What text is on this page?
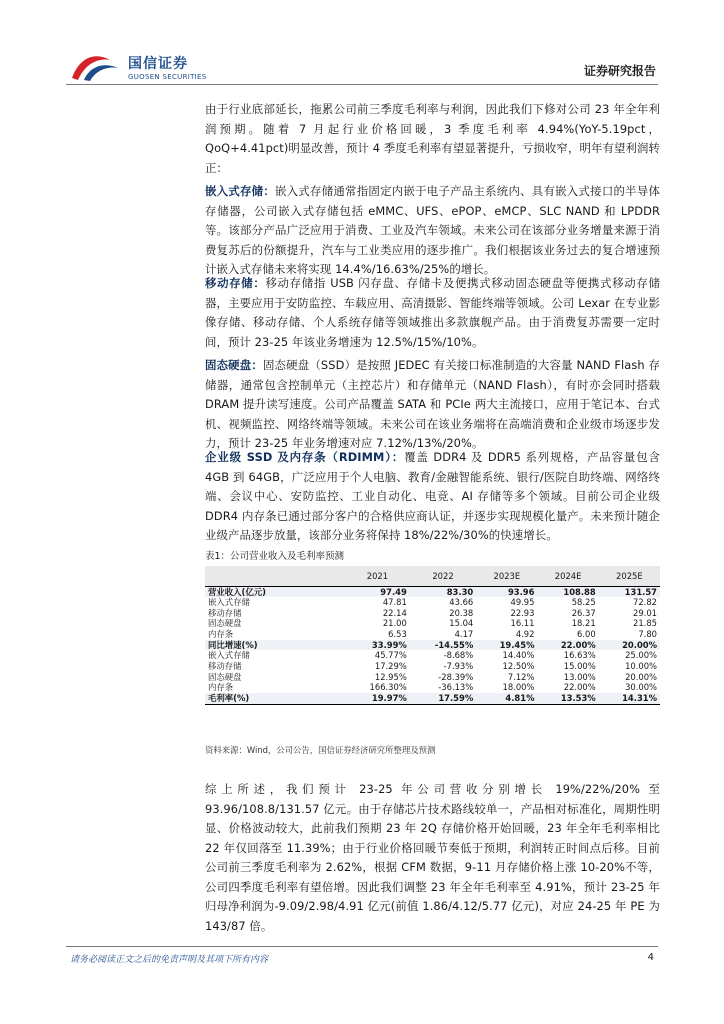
国信证券
GUOSEN SECURITIES	证券研究报告

由于行业底部延长，拖累公司前三季度毛利率与利润，因此我们下修对公司 23 年全年利润预期。随着 7 月起行业价格回暖，3 季度毛利率 4.94%(YoY-5.19pct，QoQ+4.41pct)明显改善，预计 4 季度毛利率有望显著提升，亏损收窄，明年有望利润转正：

嵌入式存储：嵌入式存储通常指固定内嵌于电子产品主系统内、具有嵌入式接口的半导体存储器，公司嵌入式存储包括 eMMC、UFS、ePOP、eMCP、SLC NAND 和 LPDDR 等。该部分产品广泛应用于消费、工业及汽车领域。未来公司在该部分业务增量来源于消费复苏后的份额提升，汽车与工业类应用的逐步推广。我们根据该业务过去的复合增速预计嵌入式存储未来将实现 14.4%/16.63%/25%的增长。

移动存储：移动存储指 USB 闪存盘、存储卡及便携式移动固态硬盘等便携式移动存储器，主要应用于安防监控、车载应用、高清摄影、智能终端等领域。公司 Lexar 在专业影像存储、移动存储、个人系统存储等领域推出多款旗舰产品。由于消费复苏需要一定时间，预计 23-25 年该业务增速为 12.5%/15%/10%。

固态硬盘：固态硬盘（SSD）是按照 JEDEC 有关接口标准制造的大容量 NAND Flash 存储器，通常包含控制单元（主控芯片）和存储单元（NAND Flash），有时亦会同时搭载 DRAM 提升读写速度。公司产品覆盖 SATA 和 PCIe 两大主流接口，应用于笔记本、台式机、视频监控、网络终端等领域。未来公司在该业务端将在高端消费和企业级市场逐步发力，预计 23-25 年业务增速对应 7.12%/13%/20%。

企业级 SSD 及内存条（RDIMM）：覆盖 DDR4 及 DDR5 系列规格，产品容量包含 4GB 到 64GB，广泛应用于个人电脑、教育/金融智能系统、银行/医院自助终端、网络终端、会议中心、安防监控、工业自动化、电竞、AI 存储等多个领域。目前公司企业级 DDR4 内存条已通过部分客户的合格供应商认证，并逐步实现规模化量产。未来预计随企业级产品逐步放量，该部分业务将保持 18%/22%/30%的快速增长。

表1：公司营业收入及毛利率预测
	2021	2022	2023E	2024E	2025E
营业收入(亿元)	97.49	83.30	93.96	108.88	131.57
嵌入式存储	47.81	43.66	49.95	58.25	72.82
移动存储	22.14	20.38	22.93	26.37	29.01
固态硬盘	21.00	15.04	16.11	18.21	21.85
内存条	6.53	4.17	4.92	6.00	7.80
同比增速(%)	33.99%	-14.55%	19.45%	22.00%	20.00%
嵌入式存储	45.77%	-8.68%	14.40%	16.63%	25.00%
移动存储	17.29%	-7.93%	12.50%	15.00%	10.00%
固态硬盘	12.95%	-28.39%	7.12%	13.00%	20.00%
内存条	166.30%	-36.13%	18.00%	22.00%	30.00%
毛利率(%)	19.97%	17.59%	4.81%	13.53%	14.31%
资料来源：Wind，公司公告，国信证券经济研究所整理及预测

综上所述，我们预计 23-25 年公司营收分别增长 19%/22%/20% 至 93.96/108.8/131.57 亿元。由于存储芯片技术路线较单一，产品相对标准化，周期性明显、价格波动较大，此前我们预期 23 年 2Q 存储价格开始回暖，23 年全年毛利率相比 22 年仅回落至 11.39%；由于行业价格回暖节奏低于预期，利润转正时间点后移。目前公司前三季度毛利率为 2.62%，根据 CFM 数据，9-11 月存储价格上涨 10-20%不等，公司四季度毛利率有望倍增。因此我们调整 23 年全年毛利率至 4.91%，预计 23-25 年归母净利润为-9.09/2.98/4.91 亿元(前值 1.86/4.12/5.77 亿元)，对应 24-25 年 PE 为 143/87 倍。

请务必阅读正文之后的免责声明及其项下所有内容	4
